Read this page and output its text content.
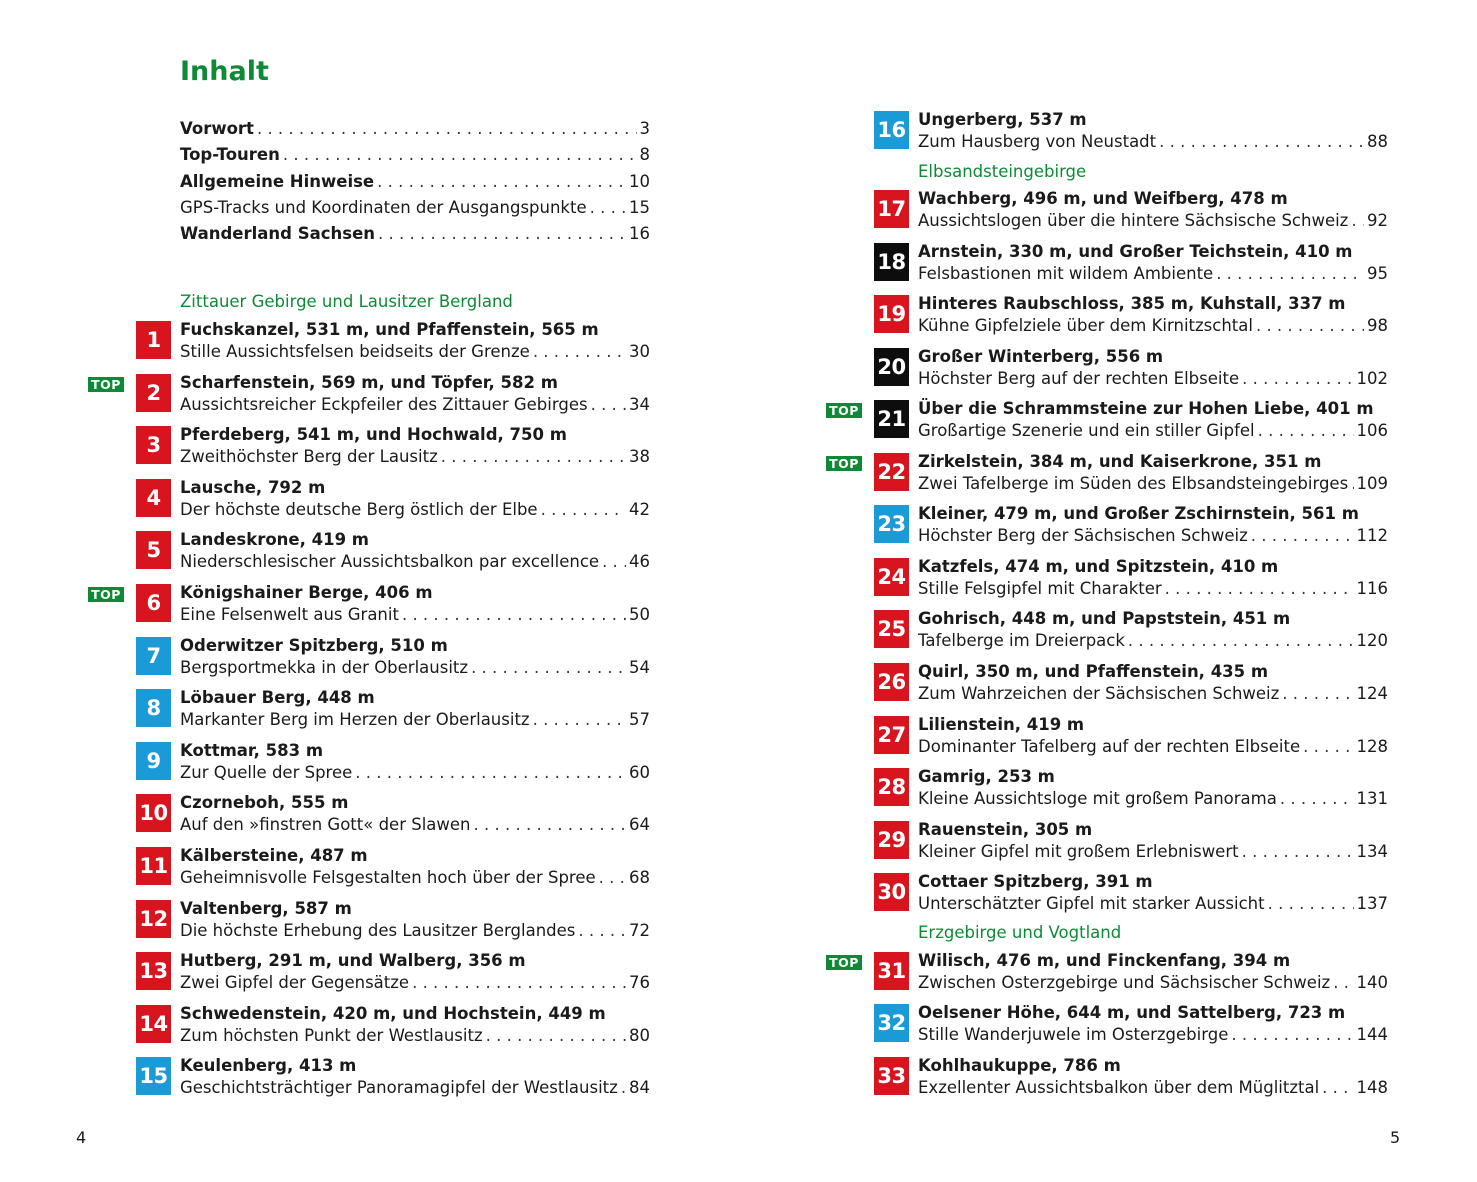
Inhalt
Vorwort . . .	3
Top-Touren . . .	8
Allgemeine Hinweise . . .	10
GPS-Tracks und Koordinaten der Ausgangspunkte . . .	15
Wanderland Sachsen . . .	16
Zittauer Gebirge und Lausitzer Bergland
1	Fuchskanzel, 531 m, und Pfaffenstein, 565 m
Stille Aussichtsfelsen beidseits der Grenze . . .	30
TOP	2	Scharfenstein, 569 m, und Töpfer, 582 m
Aussichtsreicher Eckpfeiler des Zittauer Gebirges . . .	34
3	Pferdeberg, 541 m, und Hochwald, 750 m
Zweithöchster Berg der Lausitz . . .	38
4	Lausche, 792 m
Der höchste deutsche Berg östlich der Elbe . . .	42
5	Landeskrone, 419 m
Niederschlesischer Aussichtsbalkon par excellence . . . 46
TOP	6	Königshainer Berge, 406 m
Eine Felsenwelt aus Granit . . .	50
7	Oderwitzer Spitzberg, 510 m
Bergsportmekka in der Oberlausitz . . .	54
8	Löbauer Berg, 448 m
Markanter Berg im Herzen der Oberlausitz . . .	57
9	Kottmar, 583 m
Zur Quelle der Spree . . .	60
10 Czorneboh, 555 m
Auf den »finstren Gott« der Slawen . . .	64
11 Kälbersteine, 487 m
Geheimnisvolle Felsgestalten hoch über der Spree . . . 68
12 Valtenberg, 587 m
Die höchste Erhebung des Lausitzer Berglandes . . .	72
13 Hutberg, 291 m, und Walberg, 356 m
Zwei Gipfel der Gegensätze . . .	76
14 Schwedenstein, 420 m, und Hochstein, 449 m
Zum höchsten Punkt der Westlausitz . . .	80
15 Keulenberg, 413 m
Geschichtsträchtiger Panoramagipfel der Westlausitz . . . 84
4
Elbsandsteingebirge
Erzgebirge und Vogtland
16 Ungerberg, 537 m
Zum Hausberg von Neustadt . . .	88
17 Wachberg, 496 m, und Weifberg, 478 m
Aussichtslogen über die hintere Sächsische Schweiz . . . 92
18 Arnstein, 330 m, und Großer Teichstein, 410 m
Felsbastionen mit wildem Ambiente . . .	95
19 Hinteres Raubschloss, 385 m, Kuhstall, 337 m
Kühne Gipfelziele über dem Kirnitzschtal . . .	98
20 Großer Winterberg, 556 m
Höchster Berg auf der rechten Elbseite . . .	102
TOP 21 Über die Schrammsteine zur Hohen Liebe, 401 m
Großartige Szenerie und ein stiller Gipfel . . .	106
TOP 22 Zirkelstein, 384 m, und Kaiserkrone, 351 m
Zwei Tafelberge im Süden des Elbsandsteingebirges . . . 109
23 Kleiner, 479 m, und Großer Zschirnstein, 561 m
Höchster Berg der Sächsischen Schweiz . . .	112
24 Katzfels, 474 m, und Spitzstein, 410 m
Stille Felsgipfel mit Charakter . . .	116
25 Gohrisch, 448 m, und Papststein, 451 m
Tafelberge im Dreierpack . . .	120
26 Quirl, 350 m, und Pfaffenstein, 435 m
Zum Wahrzeichen der Sächsischen Schweiz . . .	124
27 Lilienstein, 419 m
Dominanter Tafelberg auf der rechten Elbseite . . .	128
28 Gamrig, 253 m
Kleine Aussichtsloge mit großem Panorama . . .	131
29 Rauenstein, 305 m
Kleiner Gipfel mit großem Erlebniswert . . .	134
30 Cottaer Spitzberg, 391 m
Unterschätzter Gipfel mit starker Aussicht . . .	137
TOP 31 Wilisch, 476 m, und Finckenfang, 394 m
Zwischen Osterzgebirge und Sächsischer Schweiz . . . 140
32 Oelsener Höhe, 644 m, und Sattelberg, 723 m
Stille Wanderjuwele im Osterzgebirge . . .	144
33 Kohlhaukuppe, 786 m
Exzellenter Aussichtsbalkon über dem Müglitztal . . . 148
5
